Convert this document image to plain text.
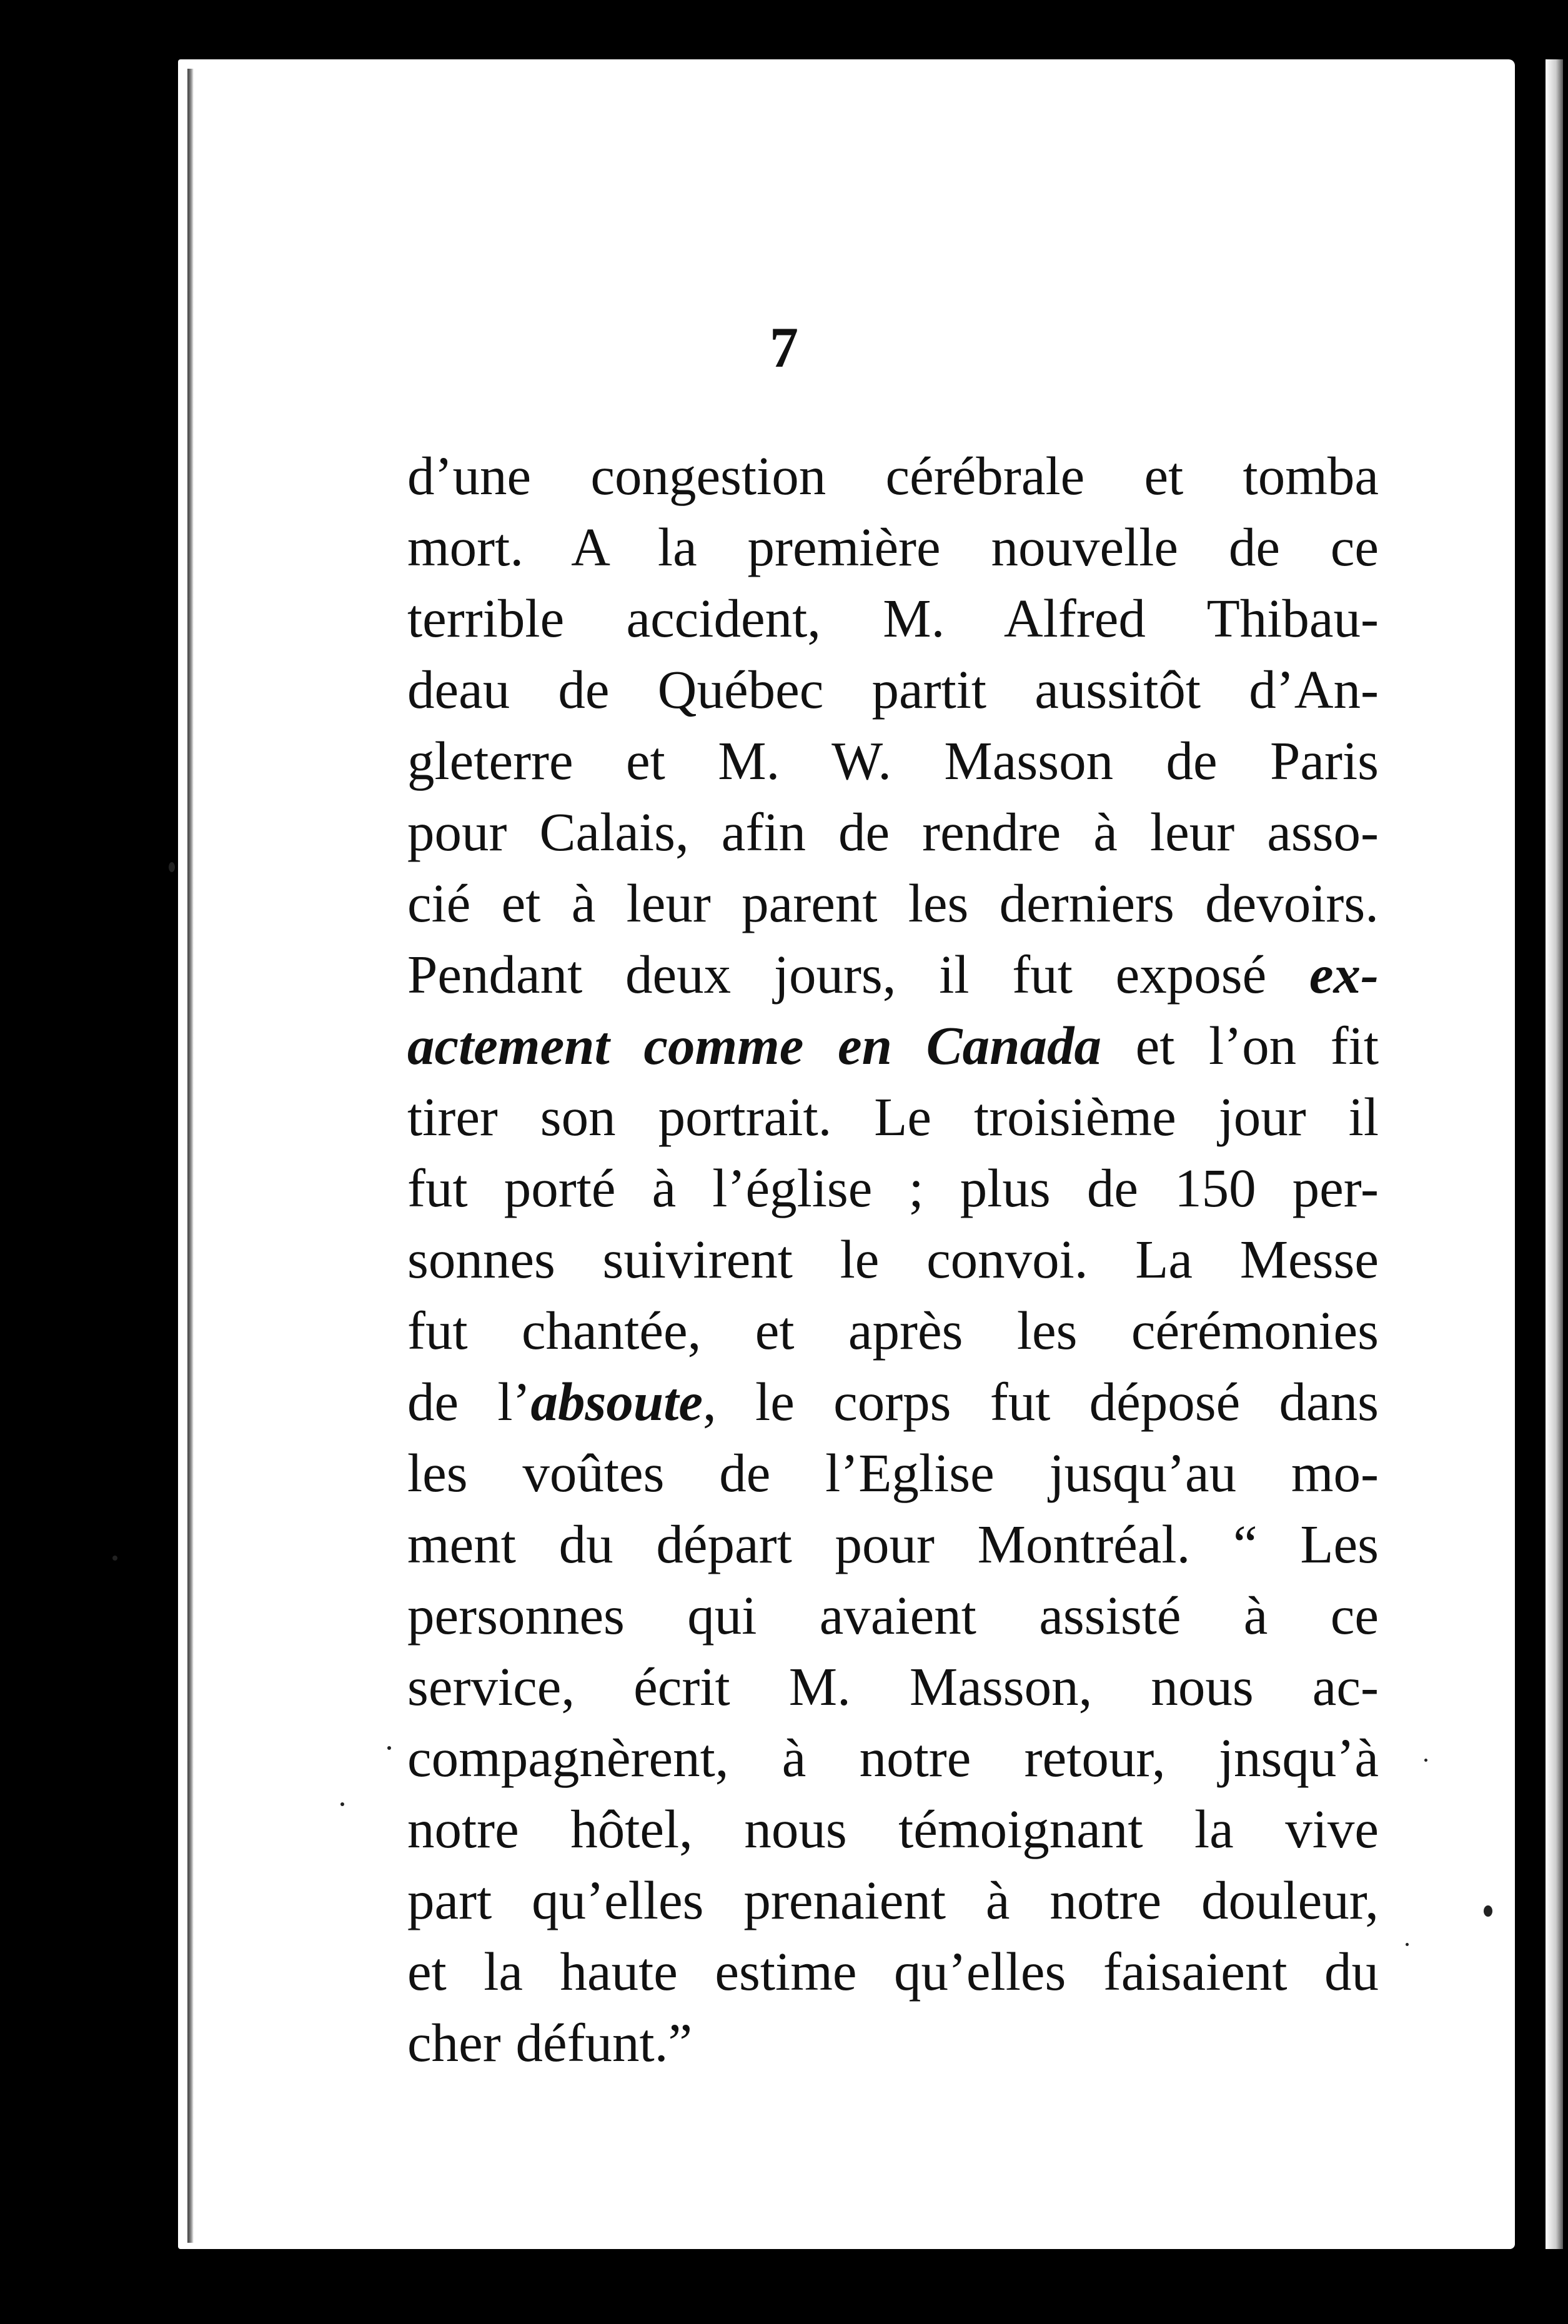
7
d’une congestion cérébrale et tomba
mort. A la première nouvelle de ce
terrible accident, M. Alfred Thibau-
deau de Québec partit aussitôt d’An-
gleterre et M. W. Masson de Paris
pour Calais, afin de rendre à leur asso-
cié et à leur parent les derniers devoirs.
Pendant deux jours, il fut exposé ex-
actement comme en Canada et l’on fit
tirer son portrait. Le troisième jour il
fut porté à l’église ; plus de 150 per-
sonnes suivirent le convoi. La Messe
fut chantée, et après les cérémonies
de l’absoute, le corps fut déposé dans
les voûtes de l’Eglise jusqu’au mo-
ment du départ pour Montréal. “ Les
personnes qui avaient assisté à ce
service, écrit M. Masson, nous ac-
compagnèrent, à notre retour, jnsqu’à
notre hôtel, nous témoignant la vive
part qu’elles prenaient à notre douleur,
et la haute estime qu’elles faisaient du
cher défunt.”
